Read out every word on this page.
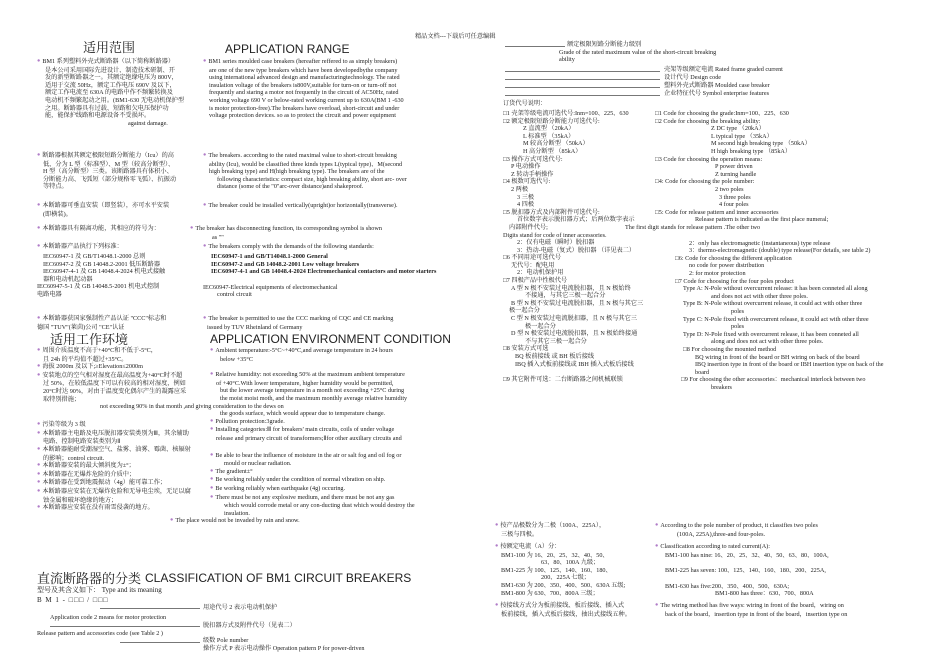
精品文档---下载后可任意编辑
适用范围	APPLICATION RANGE
● BM1 系列塑料外壳式断路器（以下简称断路器）
是本公司采用国际先进设计、制造技术研制、开
发的新型断路器之一。其额定绝缘电压为 800V，
适用于交流 50Hz，额定工作电压 690V 及以下，
额定工作电流至 630A 的电路中作不频繁转换及
电动机不频繁起动之用。(BM1-630 无电动机保护型
之用。断路器具有过载、短路和欠电压保护功
能，能保护线路和电源设备不受损坏。
● BM1 series moulded case breakers (hereafter reffered to as simply breakers)
are one of the new type breakers which have been developedbythe company
using international advanced design and manufacturingtechnology. The rated
insulation voltage of the breakers is800V,suitable for turn-on or turn-off not
frequently and staring a motor not frequently in the circuit of AC50Hz, rated
working voltage 690 V or below-rated working current up to 630A(BM 1 -630
is motor protection-free).The breakers have overload, short-circuit and under
voltage protection devices. so as to protect the circuit and power equipment
against damage.
● 断路器根据其额定极限短路分断能力（Icu）的高
低，分为 L 型（标准型）、M 型（较高分断型）、
H 型（高分断型）三类。该断路器具有体积小、
分断能力高、飞弧短（部分规格零飞弧）、抗振动
等特点。
● The breakers. according to the rated maximal value to short-circuit breaking
ability (Icu), would be classified three kinds types L(typical type)、M(second
high breaking type) and H(high breaking type). The breakers are of the
following characteristics: compact size, high breaking ability, short arc- over
distance (some of the "0"arc-over distance)and shakeproof.
● 本断路器可垂直安装（即竖装），亦可水平安装
(即横装)。
● The breaker could be installed vertically(upright)or horizontally(transverse).
● 本断路器具有隔离功能，其相应的符号为：	● The breaker has disconnecting function, its corresponding symbol is shown
as ""
● 本断路器产品执行下列标准：	● The breakers comply with the demands of the following standards:
IEC60947-1 及 GB/T14048.1-2000 总则
IEC60947-2 及 GB 14048.2-2001 低压断路器
IEC60947-4-1 及 GB 14048.4-2024 机电式接触
器和电动机起动器
IEC60947-5-1 及 GB 14048.5-2001 机电式控制
电路电器
IEC60947-1 and GB/T14048.1-2000 General
IEC60947-2 and GB 14048.2-2001 Low voltage breakers
IEC60947-4-1 and GB 14048.4-2024 Electromechanical contactors and motor starters
IEC60947-Electrical equipments of electromechanical
control circuit
● 本断路器获国家强制性产品认证 "CCC"标志和
德国 "TUV"(莱茵)公司 "CE"认证
● The breaker is permitted to use the CCC marking of CQC and CE marking
issued by TUV Rheinland of Germany
适用工作环境	APPLICATION ENVIRONMENT CONDITION
● 周围介质温度不高于+40°C和不低于-5°C，
且 24h 的平均值不超过+35°C。
● 海拔 2000m 及以下;≥Elevation≤2000m
● 安装地点的空气相对湿度在最高温度为+40°C时不超
过 50%，在较低温度下可以有较高的相对湿度，例如
20°C时达 90%，对由于温度变化偶尔产生的凝露应采
取特别措施；
● 污染等级为 3 级
● 本断路器主电路及电压脱扣器安装类别为Ⅲ，其余辅助
电路、控制电路安装类别为Ⅱ
● 本断路器能耐受潮湿空气、盐雾、油雾、霉菌、核辐射
的影响；control circuit.
● 本断路器安装的最大倾斜度为±°；
● 本断路器在无爆炸危险的介质中；
● 本断路器在受到地震振动（4g）能可靠工作；
● 本断路器应安装在无爆炸危险和无导电尘埃，无足以腐
蚀金属和破坏绝缘的地方；
● 本断路器应安装在没有雨雪侵袭的地方。
● Ambient temperature:-5°C~+40°C,and average temperature in 24 hours
below +35°C
● Relative humidity: not exceeding 50% at the maximum ambient temperature
of +40°C.With lower temperature, higher humidity would be permitted,
but the lower average temperature in a month not exceeding +25°C during
the moist moist moth, and the maximum monthly average relative humidity
not exceeding 90% in that month ,and giving consideration to the dews on
the goods surface, which would appear due to temperature change.
● Pollution protection:3grade.
● Installing categories:Ⅲ for breakers' main circuits, coils of under voltage
release and primary circuit of transformers;Ⅱfor other auxiliary circuits and
● Be able to bear the influence of moisture in the air or salt fog and oil fog or
mould or nuclear radiation.
● The gradient±°
● Be working reliably under the condition of normal vibration on ship.
● Be working reliably when earthquake (4g) occuring.
● There must be not any explosive medium, and there must be not any gas
which would corrode metal or any con-ducting dust which would destroy the
insulation.
● The place would not be invaded by rain and snow.
直流断路器的分类 CLASSIFICATION OF BM1 CIRCUIT BREAKERS
型号及其含义如下： Type and its meaning
B M 1 - □□□ / □□□
用途代号 2 表示电动机保护
Application code 2 means for motor protection
脱扣器方式及附件代号（见表二）
Release pattern and accessories code (see Table 2 )
级数 Pole number
操作方式 P 表示电动操作 Operation pattern P for power-driven
额定极限短路分断能力级别
Grade of the rated maximum value of the short-circuit breaking
ability
壳架等级额定电流 Rated frame graded current
设计代号 Design code
塑料外壳式断路器 Moulded case breaker
企业特征代号 Symbol enterprise features
订货代号说明：
□1 壳架等级电流可选代号:Inm=100、225、630
□2 额定极限短路分断能力可选代号:
Z 直流型 （20kA）
L 标准型 （35kA）
M 较高分断型 （50kA）
H 高分断型 （85kA）
□3 操作方式可选代号:
P 电动操作
Z 转动手柄操作
□4 极数可选代号:
2 两极
3 三极
4 四极
□5 脱扣器方式及内部附件可选代号:
首位数字表示脱扣器方式；后两位数字表示
内部附件代号;
Digits stand for code of inner accessories.
2：仅有电磁（瞬时）脱扣器
3：热动-电磁（复式）脱扣器 （详见表二）
□6 不同用途可选代号
无代号：配电用
2：电动机保护用
□7 四极产品中性极代号
A 型 N 极不安装过电流脱扣器，且 N 极始终
不接通，与其它三极一起合分
B 型 N 极不安装过电流脱扣器，且 N 极与其它三
极一起合分
C 型 N 极安装过电流脱扣器，且 N 极与其它三
极一起合分
D 型 N 极安装过电流脱扣器，且 N 极始终接通
不与其它三极一起合分
□8 安装方式可选
BQ 板前接线 或 BH 板后接线
IBQ 插入式板前接线或 IBH 插入式板后接线
□9 其它附件可选：二台断路器之间机械联锁
□1 Code for choosing the grade:Inm=100、225、630
□2 Code for choosing the breaking ability:
Z DC type （20kA）
L typical type （35kA）
M second high breaking type （50kA）
H high breaking type （85kA）
□3 Code for choosing the operation means:
P power driven
Z turning handle
□4: Code for choosing the pole number:
2 two poles
3 three poles
4 four poles
□5: Code for release pattern and inner accessories
Release pattern is indicated as the first place numeral;
The first digit stands for release pattern .The other two
2：only has electromagnetic (instantaneous) type release
3：thermo-electromagnetic (double) type release(For details, see table 2)
□6: Code for choosing the different application
no code for power distribution
2: for motor protection
□7 Code for choosing for the four poles product
Type A: N-Pole without overcurrent release: it has been conneted all along
and does not act with other three poles.
Type B: N-Pole without overcurrent release, it could act with other three
poles
Type C: N-Pole fixed with overcurrent release, it could act with other three
poles
Type D: N-Pole fixed with overcurrent release, it has been conneted all
along and does not act with other three poles.
□8 For choosing the mounted method
BQ wiring in front of the board or BH wiring on back of the board
IBQ insertion type in front of the board or IBH insertion type on back of the
board
□9 For choosing the other accessories：mechanical interlock between two
breakers
● 按产品极数分为二极（100A、225A），
三极与四极。
● According to the pole number of product, it classifies two poles
(100A, 225A),three-and four-poles.
● 按额定电流（A）分：
BM1-100 为 16、20、25、32、40、50、
63、80、100A 九级；
BM1-225 为 100、125、140、160、180、
200、225A 七级；
BM1-630 为 200、350、400、500、630A 五级;
BM1-800 为 630、700、800A 三级；
● Classification according to rated current(A):
BM1-100 has nine: 16、20、25、32、40、50、63、80、100A,
BM1-225 has seven: 100、125、140、160、180、200、225A,
BM1-630 has five:200、350、400、500、630A;
BM1-800 has three：630、700、800A
● 按接线方式分为板前接线、板后接线、插入式
板前接线，插入式板后接线，抽出式接线五种。
● The wiring method has five ways: wiring in front of the board，wiring on
back of the board，insertion type in front of the board，insertion type on
